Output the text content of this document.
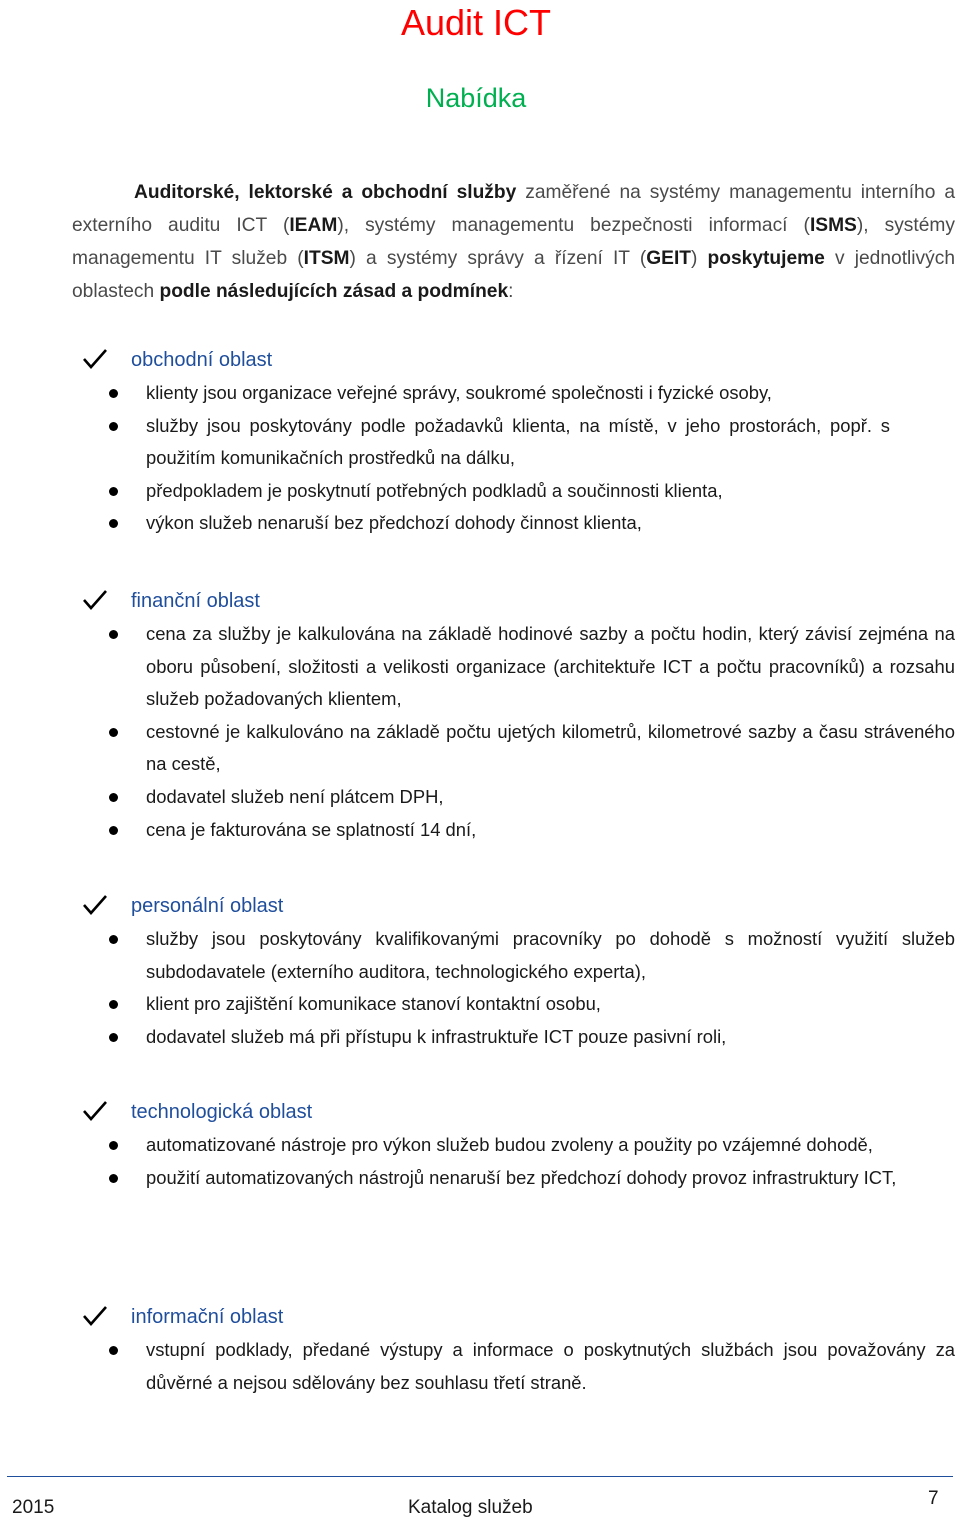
Audit ICT
Nabídka
Auditorské, lektorské a obchodní služby zaměřené na systémy managementu interního a externího auditu ICT (IEAM), systémy managementu bezpečnosti informací (ISMS), systémy managementu IT služeb (ITSM) a systémy správy a řízení IT (GEIT) poskytujeme v jednotlivých oblastech podle následujících zásad a podmínek:
obchodní oblast
klienty jsou organizace veřejné správy, soukromé společnosti i fyzické osoby,
služby jsou poskytovány podle požadavků klienta, na místě, v jeho prostorách, popř. s použitím komunikačních prostředků na dálku,
předpokladem je poskytnutí potřebných podkladů a součinnosti klienta,
výkon služeb nenaruší bez předchozí dohody činnost klienta,
finanční oblast
cena za služby je kalkulována na základě hodinové sazby a počtu hodin, který závisí zejména na oboru působení, složitosti a velikosti organizace (architektuře ICT a počtu pracovníků) a rozsahu služeb požadovaných klientem,
cestovné je kalkulováno na základě počtu ujetých kilometrů, kilometrové sazby a času stráveného na cestě,
dodavatel služeb není plátcem DPH,
cena je fakturována se splatností 14 dní,
personální oblast
služby jsou poskytovány kvalifikovanými pracovníky po dohodě s možností využití služeb subdodavatele (externího auditora, technologického experta),
klient pro zajištění komunikace stanoví kontaktní osobu,
dodavatel služeb má při přístupu k infrastruktuře ICT pouze pasivní roli,
technologická oblast
automatizované nástroje pro výkon služeb budou zvoleny a použity po vzájemné dohodě,
použití automatizovaných nástrojů nenaruší bez předchozí dohody provoz infrastruktury ICT,
informační oblast
vstupní podklady, předané výstupy a informace o poskytnutých službách jsou považovány za důvěrné a nejsou sdělovány bez souhlasu třetí straně.
2015	Katalog služeb	7
